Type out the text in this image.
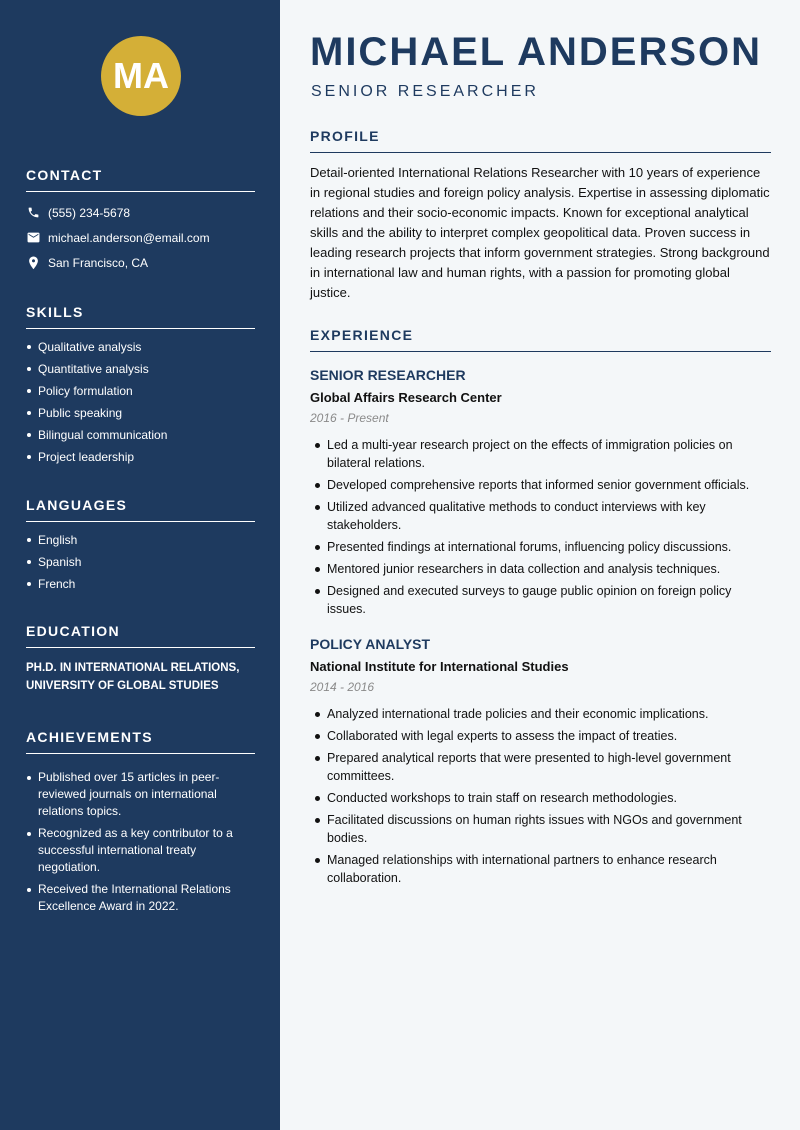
MA
CONTACT
(555) 234-5678
michael.anderson@email.com
San Francisco, CA
SKILLS
Qualitative analysis
Quantitative analysis
Policy formulation
Public speaking
Bilingual communication
Project leadership
LANGUAGES
English
Spanish
French
EDUCATION
PH.D. IN INTERNATIONAL RELATIONS, UNIVERSITY OF GLOBAL STUDIES
ACHIEVEMENTS
Published over 15 articles in peer-reviewed journals on international relations topics.
Recognized as a key contributor to a successful international treaty negotiation.
Received the International Relations Excellence Award in 2022.
MICHAEL ANDERSON
SENIOR RESEARCHER
PROFILE

Detail-oriented International Relations Researcher with 10 years of experience in regional studies and foreign policy analysis. Expertise in assessing diplomatic relations and their socio-economic impacts. Known for exceptional analytical skills and the ability to interpret complex geopolitical data. Proven success in leading research projects that inform government strategies. Strong background in international law and human rights, with a passion for promoting global justice.

EXPERIENCE
SENIOR RESEARCHER
Global Affairs Research Center
2016 - Present
Led a multi-year research project on the effects of immigration policies on bilateral relations.
Developed comprehensive reports that informed senior government officials.
Utilized advanced qualitative methods to conduct interviews with key stakeholders.
Presented findings at international forums, influencing policy discussions.
Mentored junior researchers in data collection and analysis techniques.
Designed and executed surveys to gauge public opinion on foreign policy issues.
POLICY ANALYST
National Institute for International Studies
2014 - 2016
Analyzed international trade policies and their economic implications.
Collaborated with legal experts to assess the impact of treaties.
Prepared analytical reports that were presented to high-level government committees.
Conducted workshops to train staff on research methodologies.
Facilitated discussions on human rights issues with NGOs and government bodies.
Managed relationships with international partners to enhance research collaboration.
